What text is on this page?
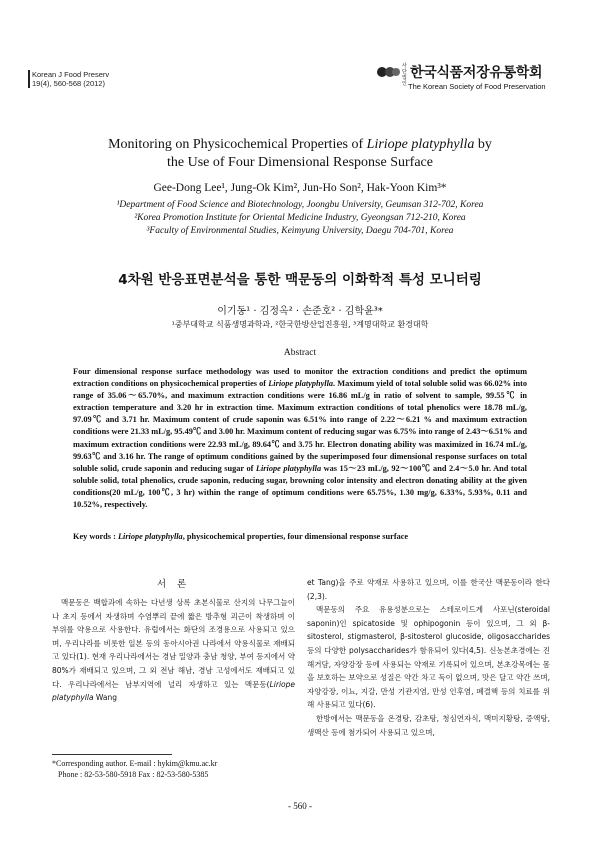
Korean J Food Preserv
19(4), 560-568 (2012)
사단법인
한국식품저장유통학회
The Korean Society of Food Preservation
Monitoring on Physicochemical Properties of Liriope platyphylla by
the Use of Four Dimensional Response Surface
Gee-Dong Lee¹, Jung-Ok Kim², Jun-Ho Son², Hak-Yoon Kim³*
¹Department of Food Science and Biotechnology, Joongbu University, Geumsan 312-702, Korea
²Korea Promotion Institute for Oriental Medicine Industry, Gyeongsan 712-210, Korea
³Faculty of Environmental Studies, Keimyung University, Daegu 704-701, Korea
4차원 반응표면분석을 통한 맥문동의 이화학적 특성 모니터링
이기동¹ · 김정옥² · 손준호² · 김학윤³*
¹중부대학교 식품생명과학과, ²한국한방산업진흥원, ³계명대학교 환경대학
Abstract
Four dimensional response surface methodology was used to monitor the extraction conditions and predict the optimum extraction conditions on physicochemical properties of Liriope platyphylla. Maximum yield of total soluble solid was 66.02% into range of 35.06～65.70%, and maximum extraction conditions were 16.86 mL/g in ratio of solvent to sample, 99.55℃ in extraction temperature and 3.20 hr in extraction time. Maximum extraction conditions of total phenolics were 18.78 mL/g, 97.09℃ and 3.71 hr. Maximum content of crude saponin was 6.51% into range of 2.22～6.21 % and maximum extraction conditions were 21.33 mL/g, 95.49℃ and 3.00 hr. Maximum content of reducing sugar was 6.75% into range of 2.43～6.51% and maximum extraction conditions were 22.93 mL/g, 89.64℃ and 3.75 hr. Electron donating ability was maximized in 16.74 mL/g, 99.63℃ and 3.16 hr. The range of optimum conditions gained by the superimposed four dimensional response surfaces on total soluble solid, crude saponin and reducing sugar of Liriope platyphylla was 15～23 mL/g, 92～100℃ and 2.4～5.0 hr. And total soluble solid, total phenolics, crude saponin, reducing sugar, browning color intensity and electron donating ability at the given conditions(20 mL/g, 100℃, 3 hr) within the range of optimum conditions were 65.75%, 1.30 mg/g, 6.33%, 5.93%, 0.11 and 10.52%, respectively.
Key words : Liriope platyphylla, physicochemical properties, four dimensional response surface
서 론

맥문동은 백합과에 속하는 다년생 상록 초본식물로 산지의 나무그늘이나 초지 등에서 자생하며 수염뿌리 끝에 짧은 방추형 괴근이 착생하며 이 부위를 약용으로 사용한다. 유럽에서는 화단의 조경용으로 사용되고 있으며, 우리나라를 비롯한 일본 등의 동아시아권 나라에서 약용식물로 재배되고 있다(1). 현재 우리나라에서는 경남 밀양과 충남 청양, 부여 등지에서 약 80%가 재배되고 있으며, 그 외 전남 해남, 경남 고성에서도 재배되고 있다. 우리나라에서는 남부지역에 널리 자생하고 있는 맥문동(Liriope platyphylla Wang

et Tang)을 주로 약재로 사용하고 있으며, 이를 한국산 맥문동이라 한다(2,3).

맥문동의 주요 유용성분으로는 스테로이드계 사포닌(steroidal saponin)인 spicatoside 및 ophipogonin 등이 있으며, 그 외 β-sitosterol, stigmasterol, β-sitosterol glucoside, oligosaccharides 등의 다양한 polysaccharides가 함유되어 있다(4,5). 신농본초경에는 진해거담, 자양강장 등에 사용되는 약재로 기록되어 있으며, 본초강목에는 몸을 보호하는 보약으로 성질은 약간 차고 독이 없으며, 맛은 달고 약간 쓰며, 자양강장, 이뇨, 지갈, 만성 기관지염, 만성 인후염, 폐결핵 등의 치료를 위해 사용되고 있다(6).

한방에서는 맥문동을 온경탕, 감초탕, 청심연자식, 맥미지황탕, 증액탕, 생맥산 등에 첨가되어 사용되고 있으며,

*Corresponding author. E-mail : hykim@kmu.ac.kr
Phone : 82-53-580-5918 Fax : 82-53-580-5385
- 560 -
